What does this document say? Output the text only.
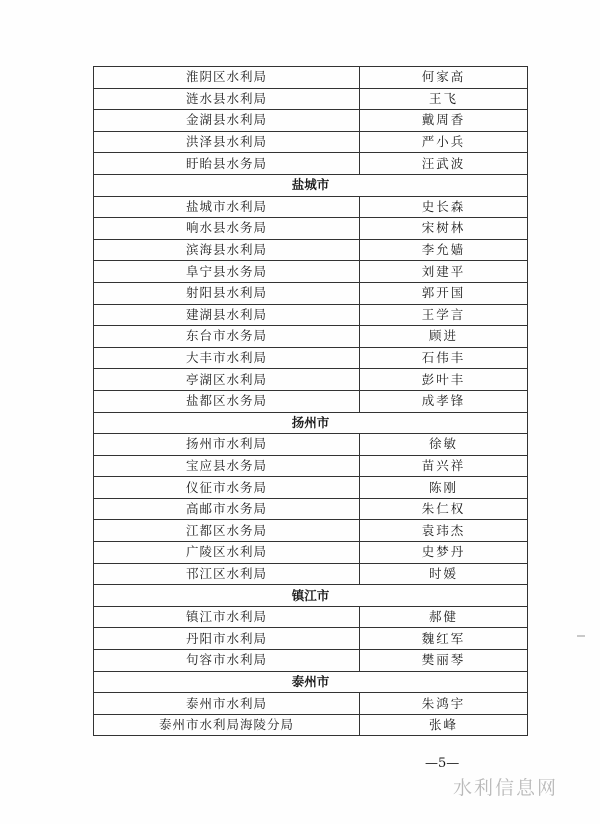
淮阴区水利局	何家高
涟水县水利局	王飞
金湖县水利局	戴周香
洪泽县水利局	严小兵
盱眙县水务局	汪武波
盐城市	
盐城市水利局	史长森
响水县水务局	宋树林
滨海县水利局	李允嫱
阜宁县水务局	刘建平
射阳县水利局	郭开国
建湖县水利局	王学言
东台市水务局	顾进
大丰市水利局	石伟丰
亭湖区水利局	彭叶丰
盐都区水务局	成孝锋
扬州市	
扬州市水利局	徐敏
宝应县水务局	苗兴祥
仪征市水务局	陈刚
高邮市水务局	朱仁权
江都区水务局	袁玮杰
广陵区水利局	史梦丹
邗江区水利局	时媛
镇江市	
镇江市水利局	郝健
丹阳市水利局	魏红军
句容市水利局	樊丽琴
泰州市	
泰州市水利局	朱鸿宇
泰州市水利局海陵分局	张峰
—5—
水利信息网
